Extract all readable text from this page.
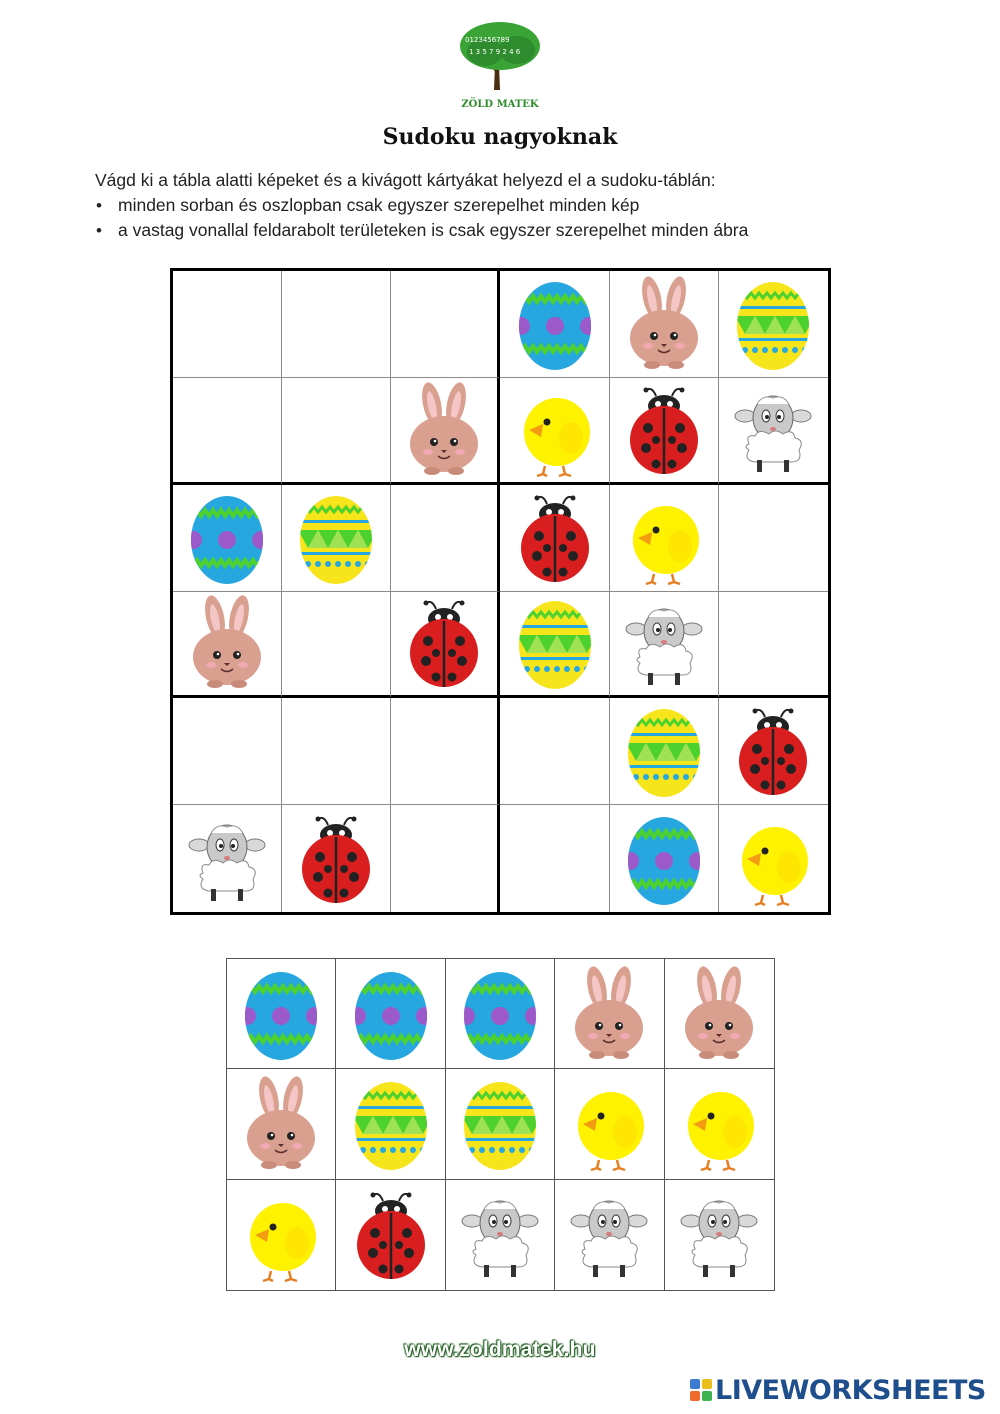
0123456789
1 3 5 7 9 2 4 6
ZÖLD MATEK
Sudoku nagyoknak

Vágd ki a tábla alatti képeket és a kivágott kártyákat helyezd el a sudoku-táblán:

• minden sorban és oszlopban csak egyszer szerepelhet minden kép
• a vastag vonallal feldarabolt területeken is csak egyszer szerepelhet minden ábra
www.zoldmatek.hu
LIVEWORKSHEETS
